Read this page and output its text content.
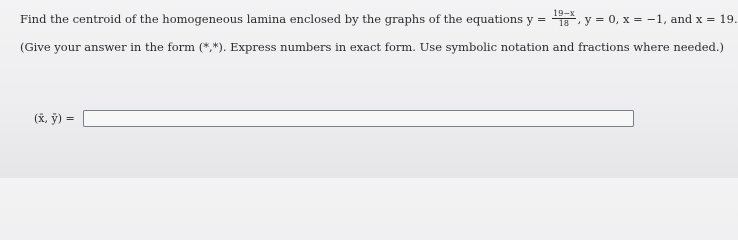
Find the centroid of the homogeneous lamina enclosed by the graphs of the equations y =
$\frac{19-x}{18}$ , y = 0, x = −1, and x = 19.
(Give your answer in the form (*,*). Express numbers in exact form. Use symbolic notation and fractions where needed.)
(x̄, ȳ) =
